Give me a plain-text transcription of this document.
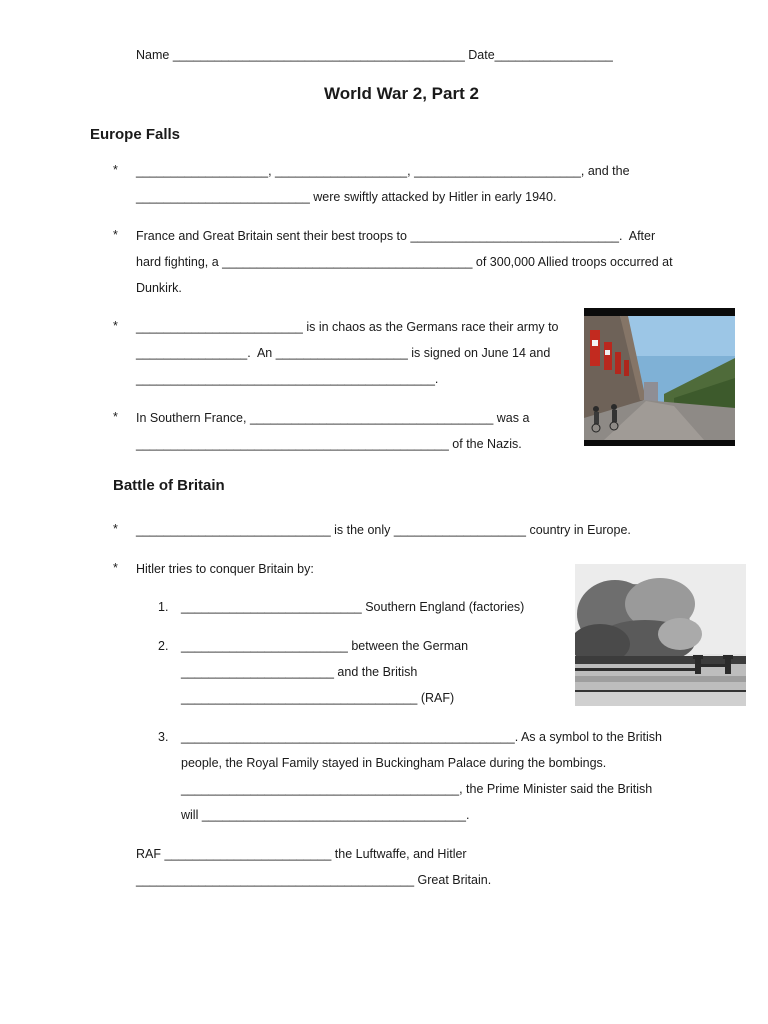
Name __________________________________________ Date_________________
World War 2, Part 2
Europe Falls
* ___________________, ___________________, ________________________, and the
_________________________ were swiftly attacked by Hitler in early 1940.
* France and Great Britain sent their best troops to ______________________________.  After
hard fighting, a ____________________________________ of 300,000 Allied troops occurred at
Dunkirk.
* ________________________ is in chaos as the Germans race their army to
________________.  An ___________________ is signed on June 14 and
___________________________________________.
* In Southern France, ___________________________________ was a
_____________________________________________ of the Nazis.
Battle of Britain
* ____________________________ is the only ___________________ country in Europe.
* Hitler tries to conquer Britain by:
1. __________________________ Southern England (factories)
2. ________________________ between the German
______________________ and the British
__________________________________ (RAF)
3. ________________________________________________. As a symbol to the British
people, the Royal Family stayed in Buckingham Palace during the bombings.
________________________________________, the Prime Minister said the British
will ______________________________________.
RAF ________________________ the Luftwaffe, and Hitler
________________________________________ Great Britain.
